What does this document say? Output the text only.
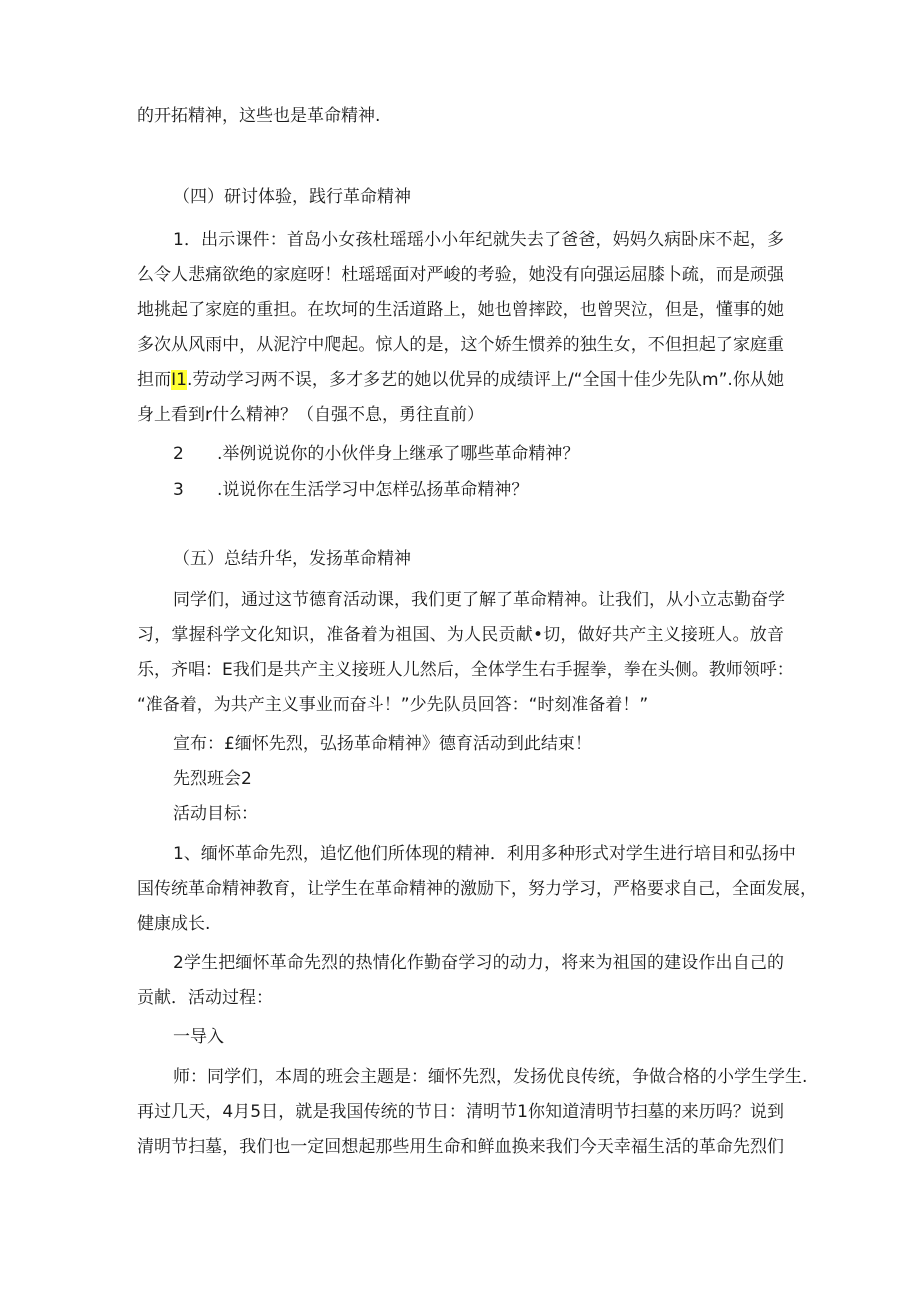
的开拓精神，这些也是革命精神.
（四）研讨体验，践行革命精神
1．出示课件：首岛小女孩杜瑶瑶小小年纪就失去了爸爸，妈妈久病卧床不起，多
么令人悲痛欲绝的家庭呀！杜瑶瑶面对严峻的考验，她没有向强运屈膝卜疏，而是顽强
地挑起了家庭的重担。在坎坷的生活道路上，她也曾摔跤，也曾哭泣，但是，懂事的她
多次从风雨中，从泥泞中爬起。惊人的是，这个娇生惯养的独生女，不但担起了家庭重
担而I1.劳动学习两不误，多才多艺的她以优异的成绩评上/“全国十佳少先队m”.你从她
身上看到r什么精神？（自强不息，勇往直前）
2 .举例说说你的小伙伴身上继承了哪些革命精神？
3 .说说你在生活学习中怎样弘扬革命精神？
（五）总结升华，发扬革命精神
同学们，通过这节德育活动课，我们更了解了革命精神。让我们，从小立志勤奋学
习，掌握科学文化知识，准备着为祖国、为人民贡献•切，做好共产主义接班人。放音
乐，齐唱：E我们是共产主义接班人儿然后，全体学生右手握拳，拳在头侧。教师领呼：
“准备着，为共产主义事业而奋斗！”少先队员回答：“时刻准备着！”
宣布：£缅怀先烈，弘扬革命精神》德育活动到此结束！
先烈班会2
活动目标：
1、缅怀革命先烈，追忆他们所体现的精神．利用多种形式对学生进行培目和弘扬中
国传统革命精神教育，让学生在革命精神的激励下，努力学习，严格要求自己，全面发展，
健康成长.
2学生把缅怀革命先烈的热情化作勤奋学习的动力，将来为祖国的建设作出自己的
贡献．活动过程：
一导入
师：同学们，本周的班会主题是：缅怀先烈，发扬优良传统，争做合格的小学生学生.
再过几天，4月5日，就是我国传统的节日：清明节1你知道清明节扫墓的来历吗？说到
清明节扫墓，我们也一定回想起那些用生命和鲜血换来我们今天幸福生活的革命先烈们
